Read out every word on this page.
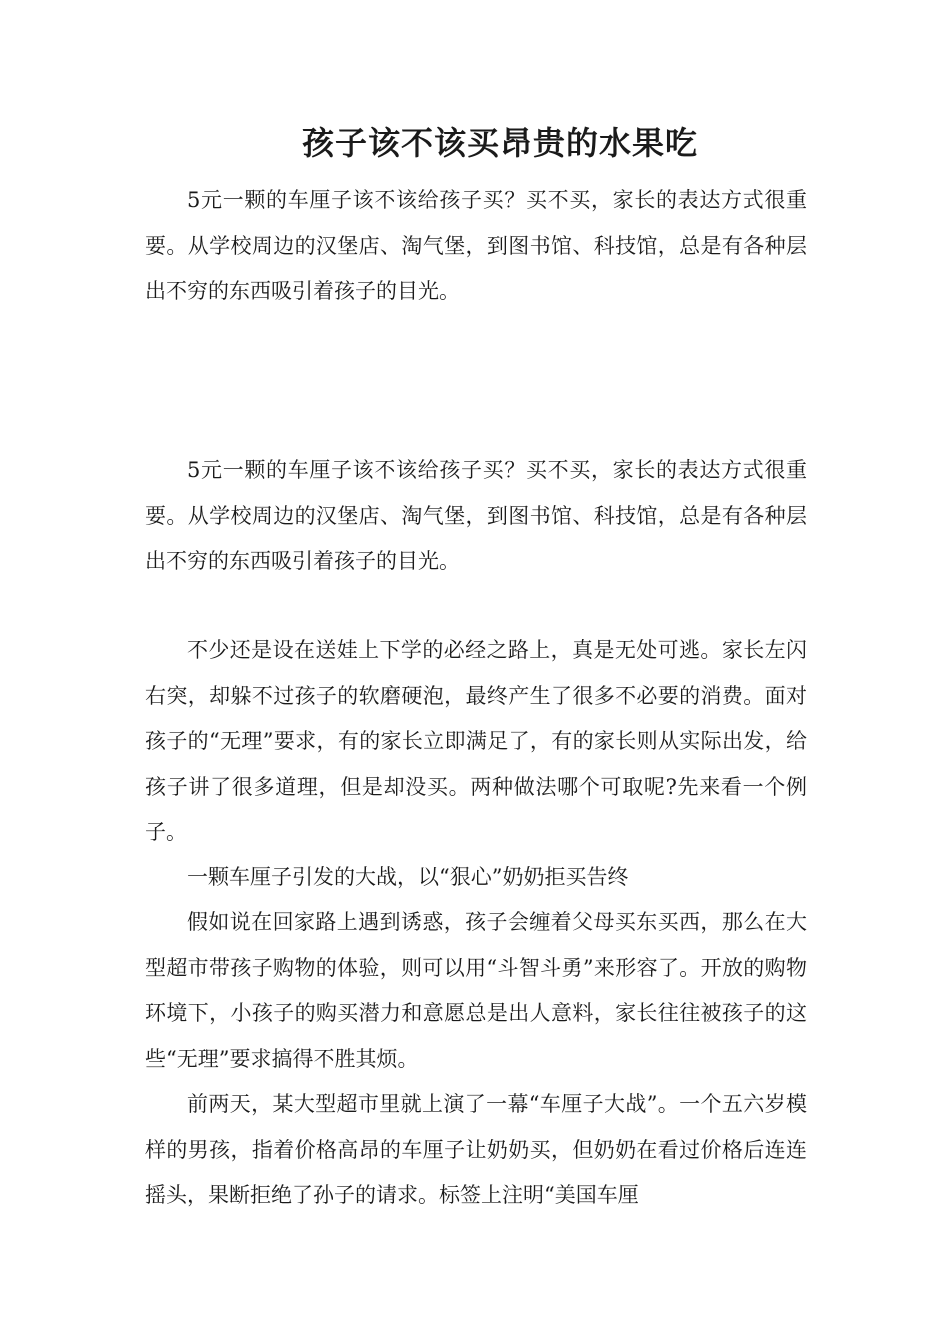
孩子该不该买昂贵的水果吃

5元一颗的车厘子该不该给孩子买？买不买，家长的表达方式很重要。从学校周边的汉堡店、淘气堡，到图书馆、科技馆，总是有各种层出不穷的东西吸引着孩子的目光。

5元一颗的车厘子该不该给孩子买？买不买，家长的表达方式很重要。从学校周边的汉堡店、淘气堡，到图书馆、科技馆，总是有各种层出不穷的东西吸引着孩子的目光。

不少还是设在送娃上下学的必经之路上，真是无处可逃。家长左闪右突，却躲不过孩子的软磨硬泡，最终产生了很多不必要的消费。面对孩子的“无理”要求，有的家长立即满足了，有的家长则从实际出发，给孩子讲了很多道理，但是却没买。两种做法哪个可取呢?先来看一个例子。

一颗车厘子引发的大战，以“狠心”奶奶拒买告终

假如说在回家路上遇到诱惑，孩子会缠着父母买东买西，那么在大型超市带孩子购物的体验，则可以用“斗智斗勇”来形容了。开放的购物环境下，小孩子的购买潜力和意愿总是出人意料，家长往往被孩子的这些“无理”要求搞得不胜其烦。

前两天，某大型超市里就上演了一幕“车厘子大战”。一个五六岁模样的男孩，指着价格高昂的车厘子让奶奶买，但奶奶在看过价格后连连摇头，果断拒绝了孙子的请求。标签上注明“美国车厘
